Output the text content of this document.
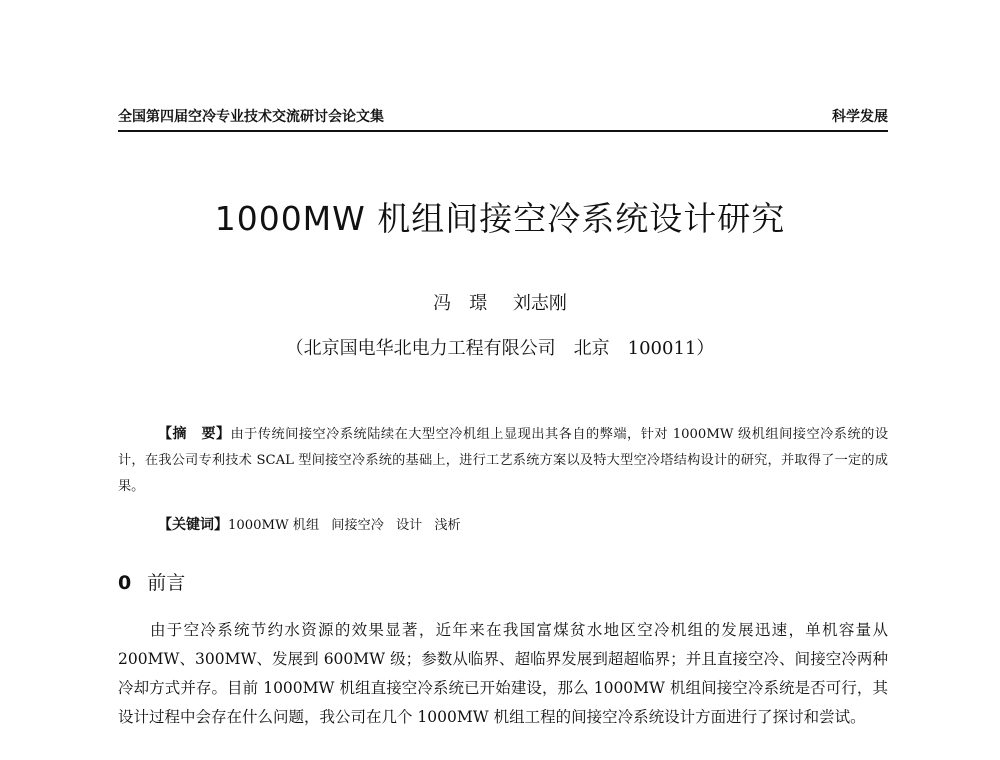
全国第四届空冷专业技术交流研讨会论文集	科学发展
1000MW 机组间接空冷系统设计研究
冯　璟 刘志刚
（北京国电华北电力工程有限公司　北京　100011）
【摘　要】由于传统间接空冷系统陆续在大型空冷机组上显现出其各自的弊端，针对 1000MW 级机组间接空冷系统的设计，在我公司专利技术 SCAL 型间接空冷系统的基础上，进行工艺系统方案以及特大型空冷塔结构设计的研究，并取得了一定的成果。
【关键词】1000MW 机组 间接空冷 设计 浅析
0 前言
由于空冷系统节约水资源的效果显著，近年来在我国富煤贫水地区空冷机组的发展迅速，单机容量从 200MW、300MW、发展到 600MW 级；参数从临界、超临界发展到超超临界；并且直接空冷、间接空冷两种冷却方式并存。目前 1000MW 机组直接空冷系统已开始建设，那么 1000MW 机组间接空冷系统是否可行，其设计过程中会存在什么问题，我公司在几个 1000MW 机组工程的间接空冷系统设计方面进行了探讨和尝试。
